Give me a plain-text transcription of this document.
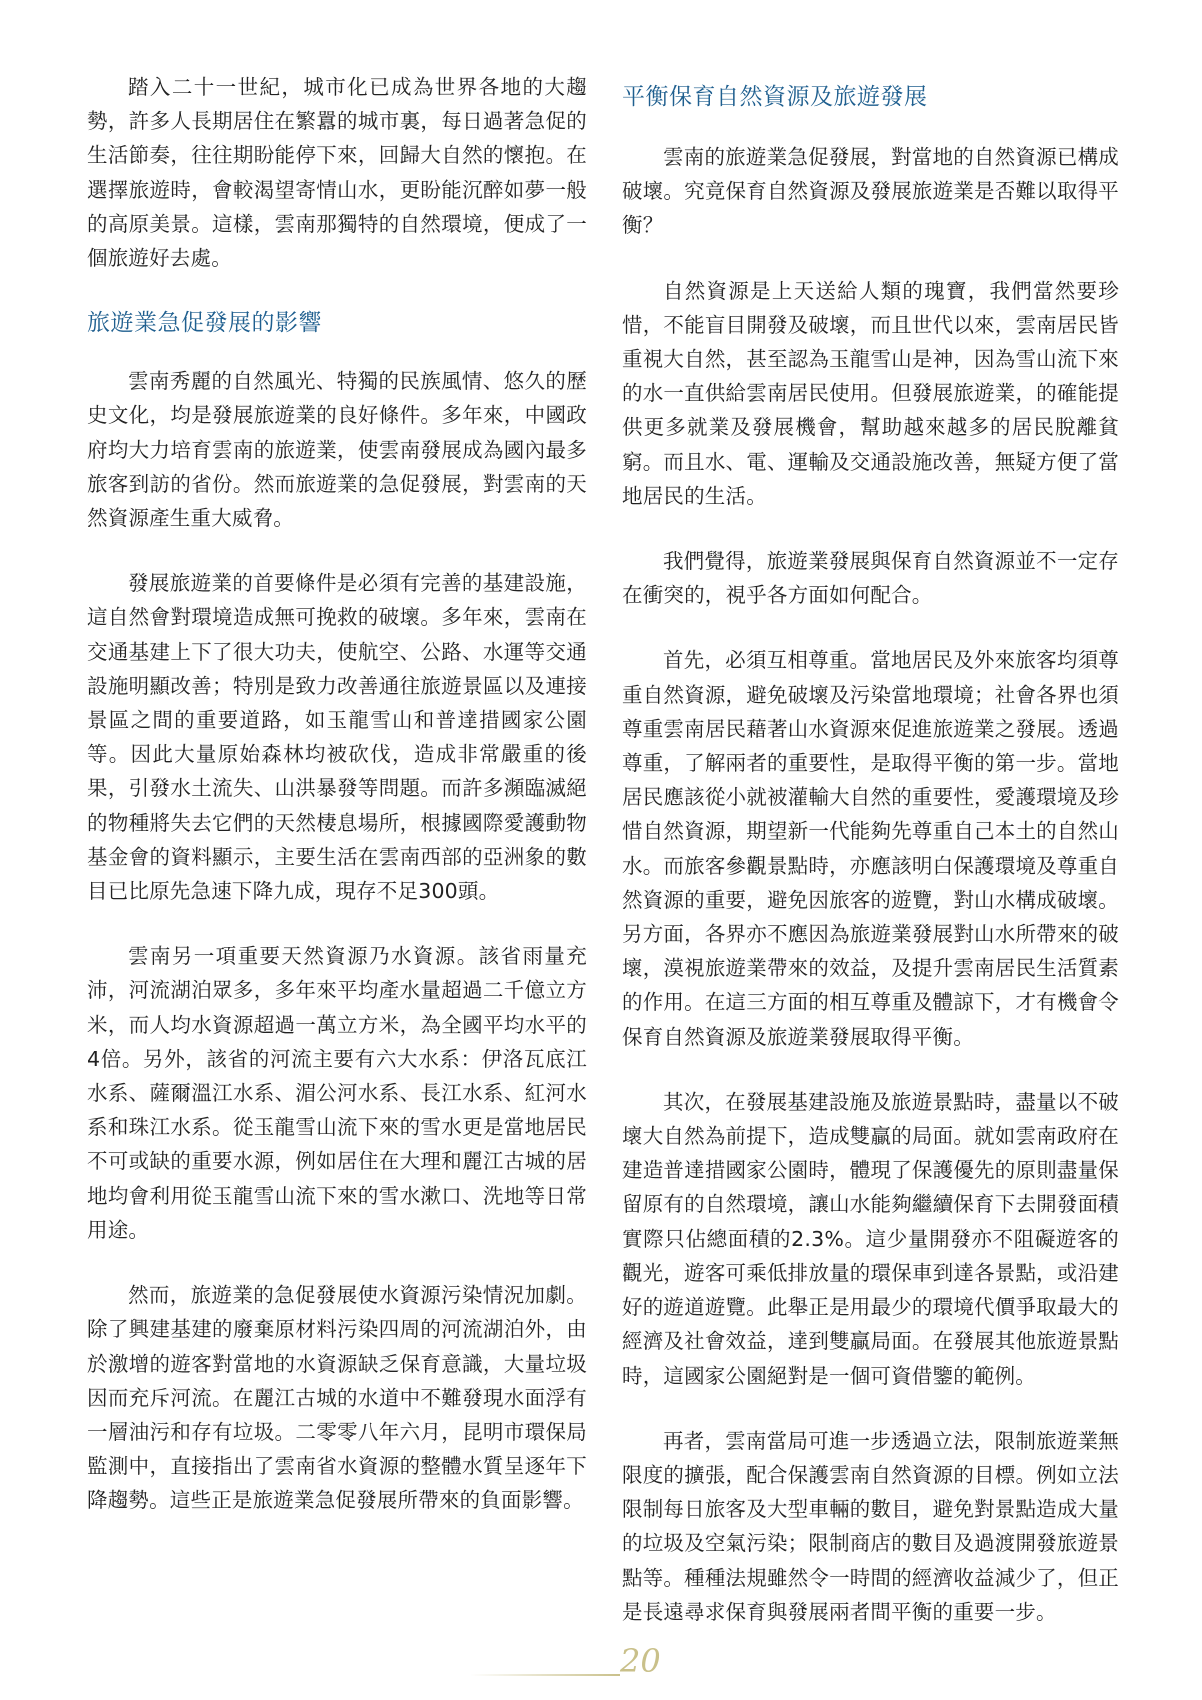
踏入二十一世紀，城市化已成為世界各地的大趨勢，許多人長期居住在繁囂的城市裏，每日過著急促的生活節奏，往往期盼能停下來，回歸大自然的懷抱。在選擇旅遊時，會較渴望寄情山水，更盼能沉醉如夢一般的高原美景。這樣，雲南那獨特的自然環境，便成了一個旅遊好去處。

旅遊業急促發展的影響

雲南秀麗的自然風光、特獨的民族風情、悠久的歷史文化，均是發展旅遊業的良好條件。多年來，中國政府均大力培育雲南的旅遊業，使雲南發展成為國內最多旅客到訪的省份。然而旅遊業的急促發展，對雲南的天然資源產生重大威脅。

發展旅遊業的首要條件是必須有完善的基建設施，這自然會對環境造成無可挽救的破壞。多年來，雲南在交通基建上下了很大功夫，使航空、公路、水運等交通設施明顯改善；特別是致力改善通往旅遊景區以及連接景區之間的重要道路，如玉龍雪山和普達措國家公園等。因此大量原始森林均被砍伐，造成非常嚴重的後果，引發水土流失、山洪暴發等問題。而許多瀕臨滅絕的物種將失去它們的天然棲息場所，根據國際愛護動物基金會的資料顯示，主要生活在雲南西部的亞洲象的數目已比原先急速下降九成，現存不足300頭。

雲南另一項重要天然資源乃水資源。該省雨量充沛，河流湖泊眾多，多年來平均產水量超過二千億立方米，而人均水資源超過一萬立方米，為全國平均水平的4倍。另外，該省的河流主要有六大水系：伊洛瓦底江水系、薩爾溫江水系、湄公河水系、長江水系、紅河水系和珠江水系。從玉龍雪山流下來的雪水更是當地居民不可或缺的重要水源，例如居住在大理和麗江古城的居地均會利用從玉龍雪山流下來的雪水漱口、洗地等日常用途。

然而，旅遊業的急促發展使水資源污染情況加劇。除了興建基建的廢棄原材料污染四周的河流湖泊外，由於激增的遊客對當地的水資源缺乏保育意識，大量垃圾因而充斥河流。在麗江古城的水道中不難發現水面浮有一層油污和存有垃圾。二零零八年六月，昆明市環保局監測中，直接指出了雲南省水資源的整體水質呈逐年下降趨勢。這些正是旅遊業急促發展所帶來的負面影響。

平衡保育自然資源及旅遊發展

雲南的旅遊業急促發展，對當地的自然資源已構成破壞。究竟保育自然資源及發展旅遊業是否難以取得平衡？

自然資源是上天送給人類的瑰寶，我們當然要珍惜，不能盲目開發及破壞，而且世代以來，雲南居民皆重視大自然，甚至認為玉龍雪山是神，因為雪山流下來的水一直供給雲南居民使用。但發展旅遊業，的確能提供更多就業及發展機會，幫助越來越多的居民脫離貧窮。而且水、電、運輸及交通設施改善，無疑方便了當地居民的生活。

我們覺得，旅遊業發展與保育自然資源並不一定存在衝突的，視乎各方面如何配合。

首先，必須互相尊重。當地居民及外來旅客均須尊重自然資源，避免破壞及污染當地環境；社會各界也須尊重雲南居民藉著山水資源來促進旅遊業之發展。透過尊重，了解兩者的重要性，是取得平衡的第一步。當地居民應該從小就被灌輸大自然的重要性，愛護環境及珍惜自然資源，期望新一代能夠先尊重自己本土的自然山水。而旅客參觀景點時，亦應該明白保護環境及尊重自然資源的重要，避免因旅客的遊覽，對山水構成破壞。另方面，各界亦不應因為旅遊業發展對山水所帶來的破壞，漠視旅遊業帶來的效益，及提升雲南居民生活質素的作用。在這三方面的相互尊重及體諒下，才有機會令保育自然資源及旅遊業發展取得平衡。

其次，在發展基建設施及旅遊景點時，盡量以不破壞大自然為前提下，造成雙贏的局面。就如雲南政府在建造普達措國家公園時，體現了保護優先的原則盡量保留原有的自然環境，讓山水能夠繼續保育下去開發面積實際只佔總面積的2.3%。這少量開發亦不阻礙遊客的觀光，遊客可乘低排放量的環保車到達各景點，或沿建好的遊道遊覽。此舉正是用最少的環境代價爭取最大的經濟及社會效益，達到雙贏局面。在發展其他旅遊景點時，這國家公園絕對是一個可資借鑒的範例。

再者，雲南當局可進一步透過立法，限制旅遊業無限度的擴張，配合保護雲南自然資源的目標。例如立法限制每日旅客及大型車輛的數目，避免對景點造成大量的垃圾及空氣污染；限制商店的數目及過渡開發旅遊景點等。種種法規雖然令一時間的經濟收益減少了，但正是長遠尋求保育與發展兩者間平衡的重要一步。

20
